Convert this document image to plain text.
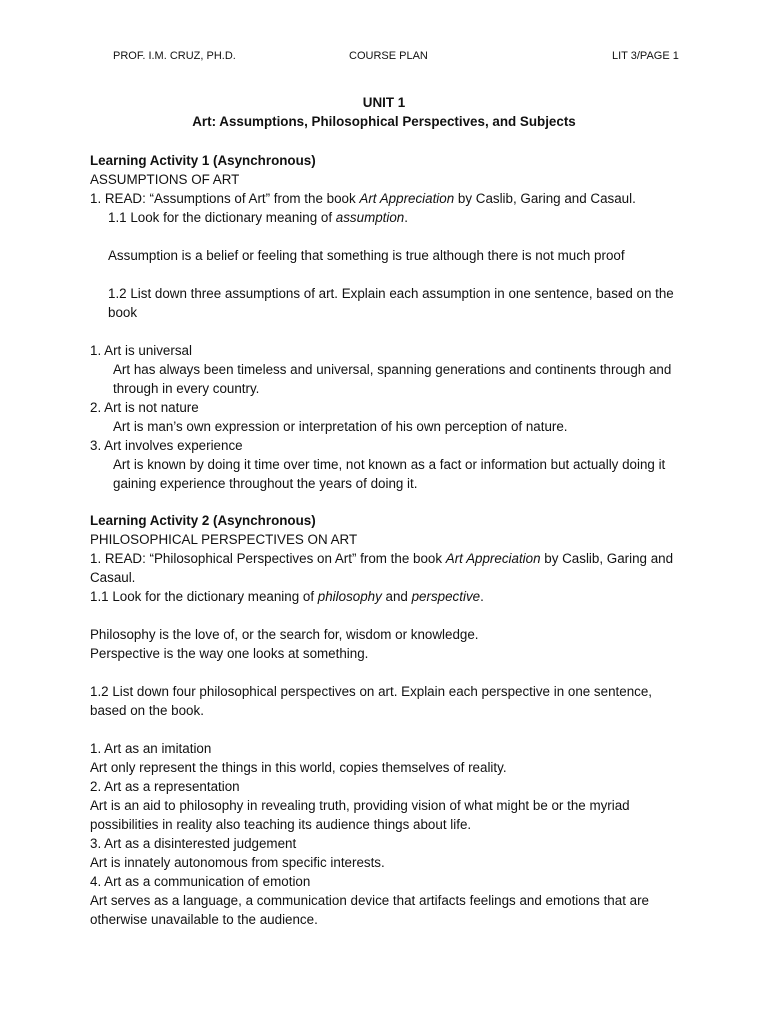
PROF. I.M. CRUZ, PH.D.	COURSE PLAN	LIT 3/PAGE 1
UNIT 1
Art: Assumptions, Philosophical Perspectives, and Subjects
Learning Activity 1 (Asynchronous)
ASSUMPTIONS OF ART
1. READ: “Assumptions of Art” from the book Art Appreciation by Caslib, Garing and Casaul.
1.1 Look for the dictionary meaning of assumption.
Assumption is a belief or feeling that something is true although there is not much proof
1.2 List down three assumptions of art. Explain each assumption in one sentence, based on the book
1. Art is universal
Art has always been timeless and universal, spanning generations and continents through and through in every country.
2. Art is not nature
Art is man’s own expression or interpretation of his own perception of nature.
3. Art involves experience
Art is known by doing it time over time, not known as a fact or information but actually doing it gaining experience throughout the years of doing it.
Learning Activity 2 (Asynchronous)
PHILOSOPHICAL PERSPECTIVES ON ART
1. READ: “Philosophical Perspectives on Art” from the book Art Appreciation by Caslib, Garing and Casaul.
1.1 Look for the dictionary meaning of philosophy and perspective.
Philosophy is the love of, or the search for, wisdom or knowledge.
Perspective is the way one looks at something.
1.2 List down four philosophical perspectives on art. Explain each perspective in one sentence, based on the book.
1. Art as an imitation
Art only represent the things in this world, copies themselves of reality.
2. Art as a representation
Art is an aid to philosophy in revealing truth, providing vision of what might be or the myriad possibilities in reality also teaching its audience things about life.
3. Art as a disinterested judgement
Art is innately autonomous from specific interests.
4. Art as a communication of emotion
Art serves as a language, a communication device that artifacts feelings and emotions that are otherwise unavailable to the audience.
